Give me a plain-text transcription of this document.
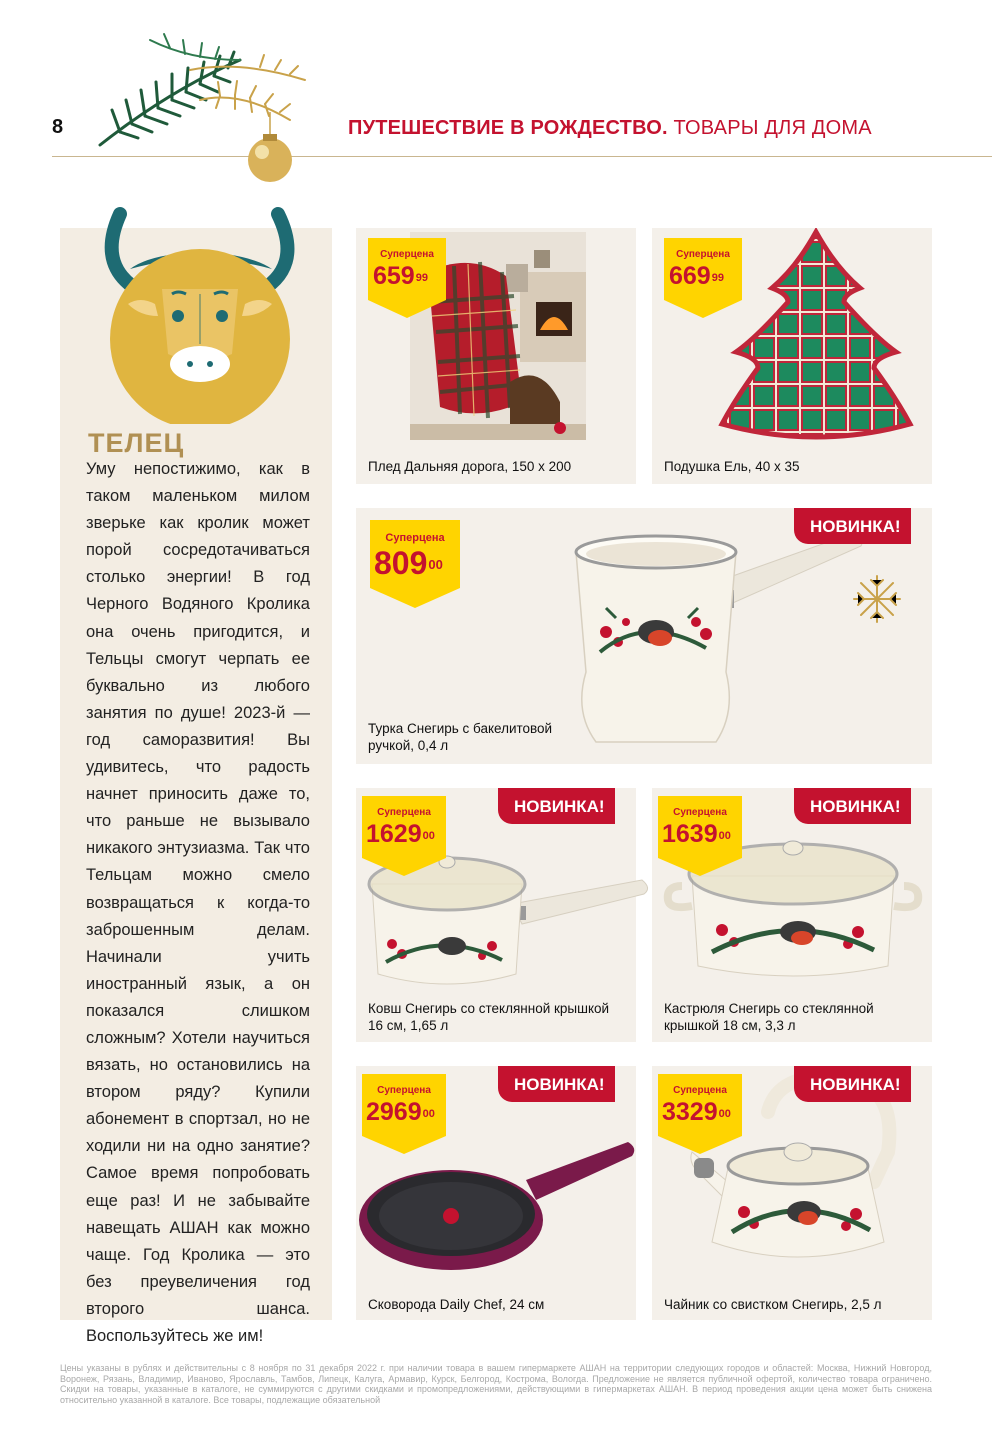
8	ПУТЕШЕСТВИЕ В РОЖДЕСТВО. ТОВАРЫ ДЛЯ ДОМА
ТЕЛЕЦ
Уму непостижимо, как в таком маленьком милом зверьке как кролик может порой сосредотачиваться столько энергии! В год Черного Водяного Кролика она очень пригодится, и Тельцы смогут черпать ее буквально из любого занятия по душе! 2023-й — год саморазвития! Вы удивитесь, что радость начнет приносить даже то, что раньше не вызывало никакого энтузиазма. Так что Тельцам можно смело возвращаться к когда-то заброшенным делам. Начинали учить иностранный язык, а он показался слишком сложным? Хотели научиться вязать, но остановились на втором ряду? Купили абонемент в спортзал, но не ходили ни на одно занятие? Самое время попробовать еще раз! И не забывайте навещать АШАН как можно чаще. Год Кролика — это без преувеличения год второго шанса. Воспользуйтесь же им!
Суперцена
$659^{99}$
Плед Дальняя дорога, 150 х 200
Суперцена
$669^{99}$
Подушка Ель, 40 х 35
Суперцена
$809^{00}$
НОВИНКА!
Турка Снегирь с бакелитовой
ручкой, 0,4 л
Суперцена
1629$^{00}$
НОВИНКА!
Ковш Снегирь со стеклянной крышкой
16 см, 1,65 л
Суперцена
1639$^{00}$
НОВИНКА!
Кастрюля Снегирь со стеклянной
крышкой 18 см, 3,3 л
Суперцена
2969$^{00}$
НОВИНКА!
Сковорода Daily Chef, 24 см
Суперцена
3329$^{00}$
НОВИНКА!
Чайник со свистком Снегирь, 2,5 л
Цены указаны в рублях и действительны с 8 ноября по 31 декабря 2022 г. при наличии товара в вашем гипермаркете АШАН на территории следующих городов и областей: Москва, Нижний Новгород, Воронеж, Рязань, Владимир, Иваново, Ярославль, Тамбов, Липецк, Калуга, Армавир, Курск, Белгород, Кострома, Вологда. Предложение не является публичной офертой, количество товара ограничено. Скидки на товары, указанные в каталоге, не суммируются с другими скидками и промопредложениями, действующими в гипермаркетах АШАН. В период проведения акции цена может быть снижена относительно указанной в каталоге. Все товары, подлежащие обязательной
